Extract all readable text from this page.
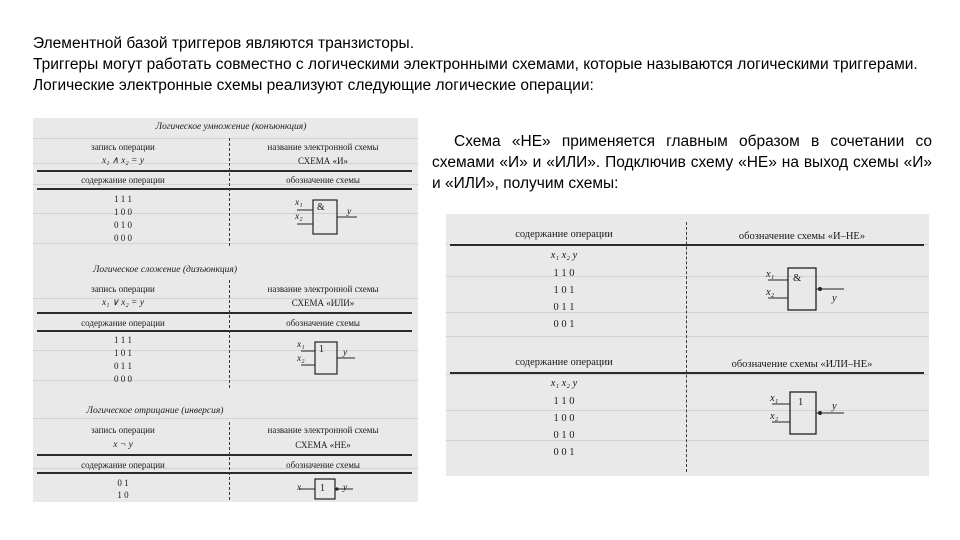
Элементной базой триггеров являются транзисторы.

Триггеры могут работать совместно с логическими электронными схемами, которые называются логическими триггерами.

Логические электронные схемы реализуют следующие логические операции:

Схема «НЕ» применяется главным образом в сочетании со схемами «И» и «ИЛИ». Подключив схему «НЕ» на выход схемы «И» и «ИЛИ», получим схемы:

Логическое умножение (конъюнкция)
запись операции	название электронной схемы
x₁ ∧ x₂ = y	СХЕМА «И»
содержание операции	обозначение схемы
1 1 1
1 0 0
0 1 0
0 0 0
x₁
x₂
& y
Логическое сложение (дизъюнкция)
запись операции	название электронной схемы
x₁ ∨ x₂ = y	СХЕМА «ИЛИ»
содержание операции	обозначение схемы
1 1 1
1 0 1
0 1 1
0 0 0
x₁
x₂
1 y
Логическое отрицание (инверсия)
запись операции	название электронной схемы
x ¬ y	СХЕМА «НЕ»
содержание операции	обозначение схемы
0 1
1 0
x 1 y
содержание операции	обозначение схемы «И–НЕ»
x₁ x₂ y
1 1 0
1 0 1
0 1 1
0 0 1
x₁
x₂
&
y
содержание операции	обозначение схемы «ИЛИ–НЕ»
x₁ x₂ y
1 1 0
1 0 0
0 1 0
0 0 1
x₁
x₂
1	y
